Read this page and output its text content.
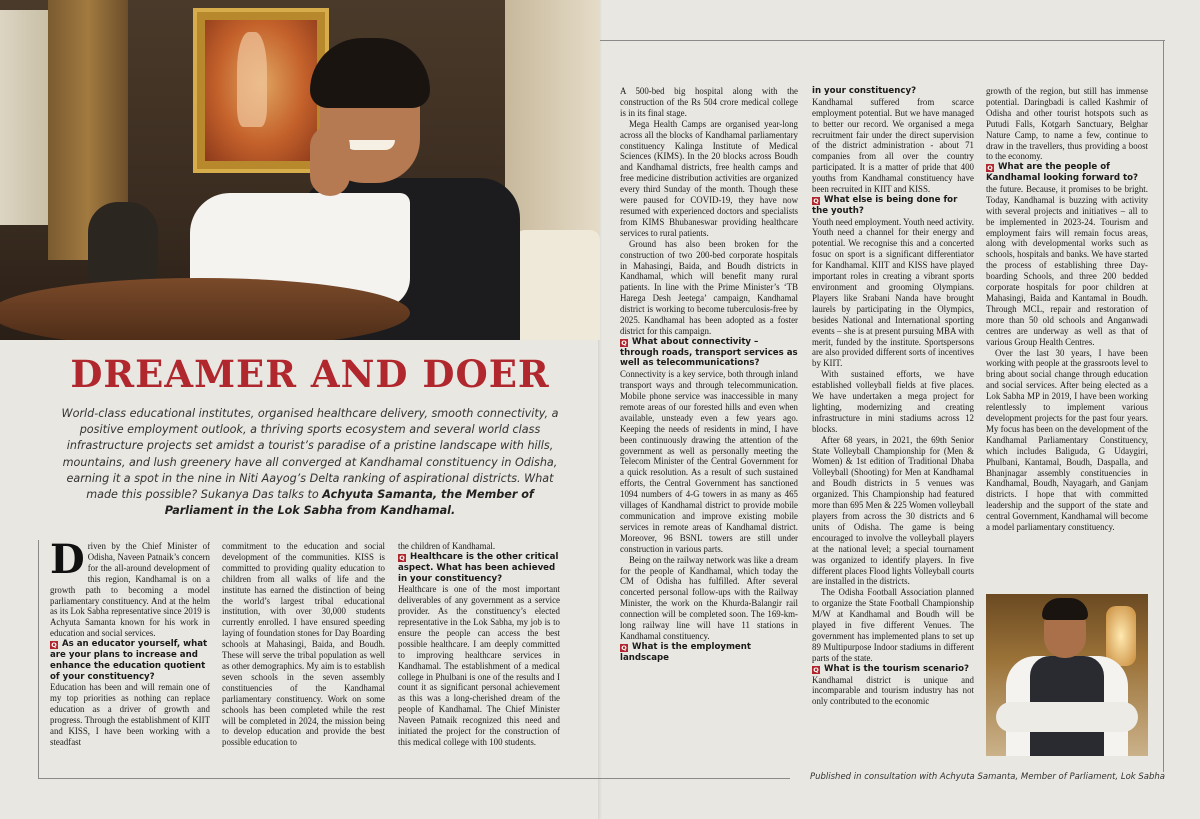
DREAMER AND DOER

World-class educational institutes, organised healthcare delivery, smooth connectivity, a positive employment outlook, a thriving sports ecosystem and several world class infrastructure projects set amidst a tourist’s paradise of a pristine landscape with hills, mountains, and lush greenery have all converged at Kandhamal constituency in Odisha, earning it a spot in the nine in Niti Aayog’s Delta ranking of aspirational districts. What made this possible? Sukanya Das talks to Achyuta Samanta, the Member of Parliament in the Lok Sabha from Kandhamal.

D riven by the Chief Minister of Odisha, Naveen Patnaik’s concern for the all-around development of this region, Kandhamal is on a growth path to becoming a model parliamentary constituency. And at the helm as its Lok Sabha representative since 2019 is Achyuta Samanta known for his work in education and social services.

Q As an educator yourself, what are your plans to increase and enhance the education quotient of your constituency?

Education has been and will remain one of my top priorities as nothing can replace education as a driver of growth and progress. Through the establishment of KIIT and KISS, I have been working with a steadfast

commitment to the education and social development of the communities. KISS is committed to providing quality education to children from all walks of life and the institute has earned the distinction of being the world’s largest tribal educational institution, with over 30,000 students currently enrolled. I have ensured speeding laying of foundation stones for Day Boarding schools at Mahasingi, Baida, and Boudh. These will serve the tribal population as well as other demographics. My aim is to establish seven schools in the seven assembly constituencies of the Kandhamal parliamentary constituency. Work on some schools has been completed while the rest will be completed in 2024, the mission being to develop education and provide the best possible education to

the children of Kandhamal.

Q Healthcare is the other critical aspect. What has been achieved in your constituency?

Healthcare is one of the most important deliverables of any government as a service provider. As the constituency’s elected representative in the Lok Sabha, my job is to ensure the people can access the best possible healthcare. I am deeply committed to improving healthcare services in Kandhamal. The establishment of a medical college in Phulbani is one of the results and I count it as significant personal achievement as this was a long-cherished dream of the people of Kandhamal. The Chief Minister Naveen Patnaik recognized this need and initiated the project for the construction of this medical college with 100 students.

A 500-bed big hospital along with the construction of the Rs 504 crore medical college is in its final stage.

Mega Health Camps are organised year-long across all the blocks of Kandhamal parliamentary constituency Kalinga Institute of Medical Sciences (KIMS). In the 20 blocks across Boudh and Kandhamal districts, free health camps and free medicine distribution activities are organized every third Sunday of the month. Though these were paused for COVID-19, they have now resumed with experienced doctors and specialists from KIMS Bhubaneswar providing healthcare services to rural patients.

Ground has also been broken for the construction of two 200-bed corporate hospitals in Mahasingi, Baida, and Boudh districts in Kandhamal, which will benefit many rural patients. In line with the Prime Minister’s ‘TB Harega Desh Jeetega’ campaign, Kandhamal district is working to become tuberculosis-free by 2025. Kandhamal has been adopted as a foster district for this campaign.

Q What about connectivity – through roads, transport services as well as telecommunications?

Connectivity is a key service, both through inland transport ways and through telecommunication. Mobile phone service was inaccessible in many remote areas of our forested hills and even when available, unsteady even a few years ago. Keeping the needs of residents in mind, I have been continuously drawing the attention of the government as well as personally meeting the Telecom Minister of the Central Government for a quick resolution. As a result of such sustained efforts, the Central Government has sanctioned 1094 numbers of 4-G towers in as many as 465 villages of Kandhamal district to provide mobile communication and improve existing mobile services in remote areas of Kandhamal district. Moreover, 96 BSNL towers are still under construction in various parts.

Being on the railway network was like a dream for the people of Kandhamal, which today the CM of Odisha has fulfilled. After several concerted personal follow-ups with the Railway Minister, the work on the Khurda-Balangir rail connection will be completed soon. The 169-km-long railway line will have 11 stations in Kandhamal constituency.

Q What is the employment landscape

in your constituency?

Kandhamal suffered from scarce employment potential. But we have managed to better our record. We organised a mega recruitment fair under the direct supervision of the district administration - about 71 companies from all over the country participated. It is a matter of pride that 400 youths from Kandhamal constituency have been recruited in KIIT and KISS.

Q What else is being done for the youth?

Youth need employment. Youth need activity. Youth need a channel for their energy and potential. We recognise this and a concerted fosuc on sport is a significant differentiator for Kandhamal. KIIT and KISS have played important roles in creating a vibrant sports environment and grooming Olympians. Players like Srabani Nanda have brought laurels by participating in the Olympics, besides National and International sporting events – she is at present pursuing MBA with merit, funded by the institute. Sportspersons are also provided different sorts of incentives by KIIT.

With sustained efforts, we have established volleyball fields at five places. We have undertaken a mega project for lighting, modernizing and creating infrastructure in mini stadiums across 12 blocks.

After 68 years, in 2021, the 69th Senior State Volleyball Championship for (Men & Women) & 1st edition of Traditional Dhaba Volleyball (Shooting) for Men at Kandhamal and Boudh districts in 5 venues was organized. This Championship had featured more than 695 Men & 225 Women volleyball players from across the 30 districts and 6 units of Odisha. The game is being encouraged to involve the volleyball players at the national level; a special tournament was organized to identify players. In five different places Flood lights Volleyball courts are installed in the districts.

The Odisha Football Association planned to organize the State Football Championship M/W at Kandhamal and Boudh will be played in five different Venues. The government has implemented plans to set up 89 Multipurpose Indoor stadiums in different parts of the state.

Q What is the tourism scenario?

Kandhamal district is unique and incomparable and tourism industry has not only contributed to the economic

growth of the region, but still has immense potential. Daringbadi is called Kashmir of Odisha and other tourist hotspots such as Putudi Falls, Kotgarh Sanctuary, Belghar Nature Camp, to name a few, continue to draw in the travellers, thus providing a boost to the economy.

Q What are the people of Kandhamal looking forward to?

the future. Because, it promises to be bright. Today, Kandhamal is buzzing with activity with several projects and initiatives – all to be implemented in 2023-24. Tourism and employment fairs will remain focus areas, along with developmental works such as schools, hospitals and banks. We have started the process of establishing three Day-boarding Schools, and three 200 bedded corporate hospitals for poor children at Mahasingi, Baida and Kantamal in Boudh. Through MCL, repair and restoration of more than 50 old schools and Anganwadi centres are underway as well as that of various Group Health Centres.

Over the last 30 years, I have been working with people at the grassroots level to bring about social change through education and social services. After being elected as a Lok Sabha MP in 2019, I have been working relentlessly to implement various development projects for the past four years. My focus has been on the development of the Kandhamal Parliamentary Constituency, which includes Baliguda, G Udaygiri, Phulbani, Kantamal, Boudh, Daspalla, and Bhanjnagar assembly constituencies in Kandhamal, Boudh, Nayagarh, and Ganjam districts. I hope that with committed leadership and the support of the state and central Government, Kandhamal will become a model parliamentary constituency.

Published in consultation with Achyuta Samanta, Member of Parliament, Lok Sabha
